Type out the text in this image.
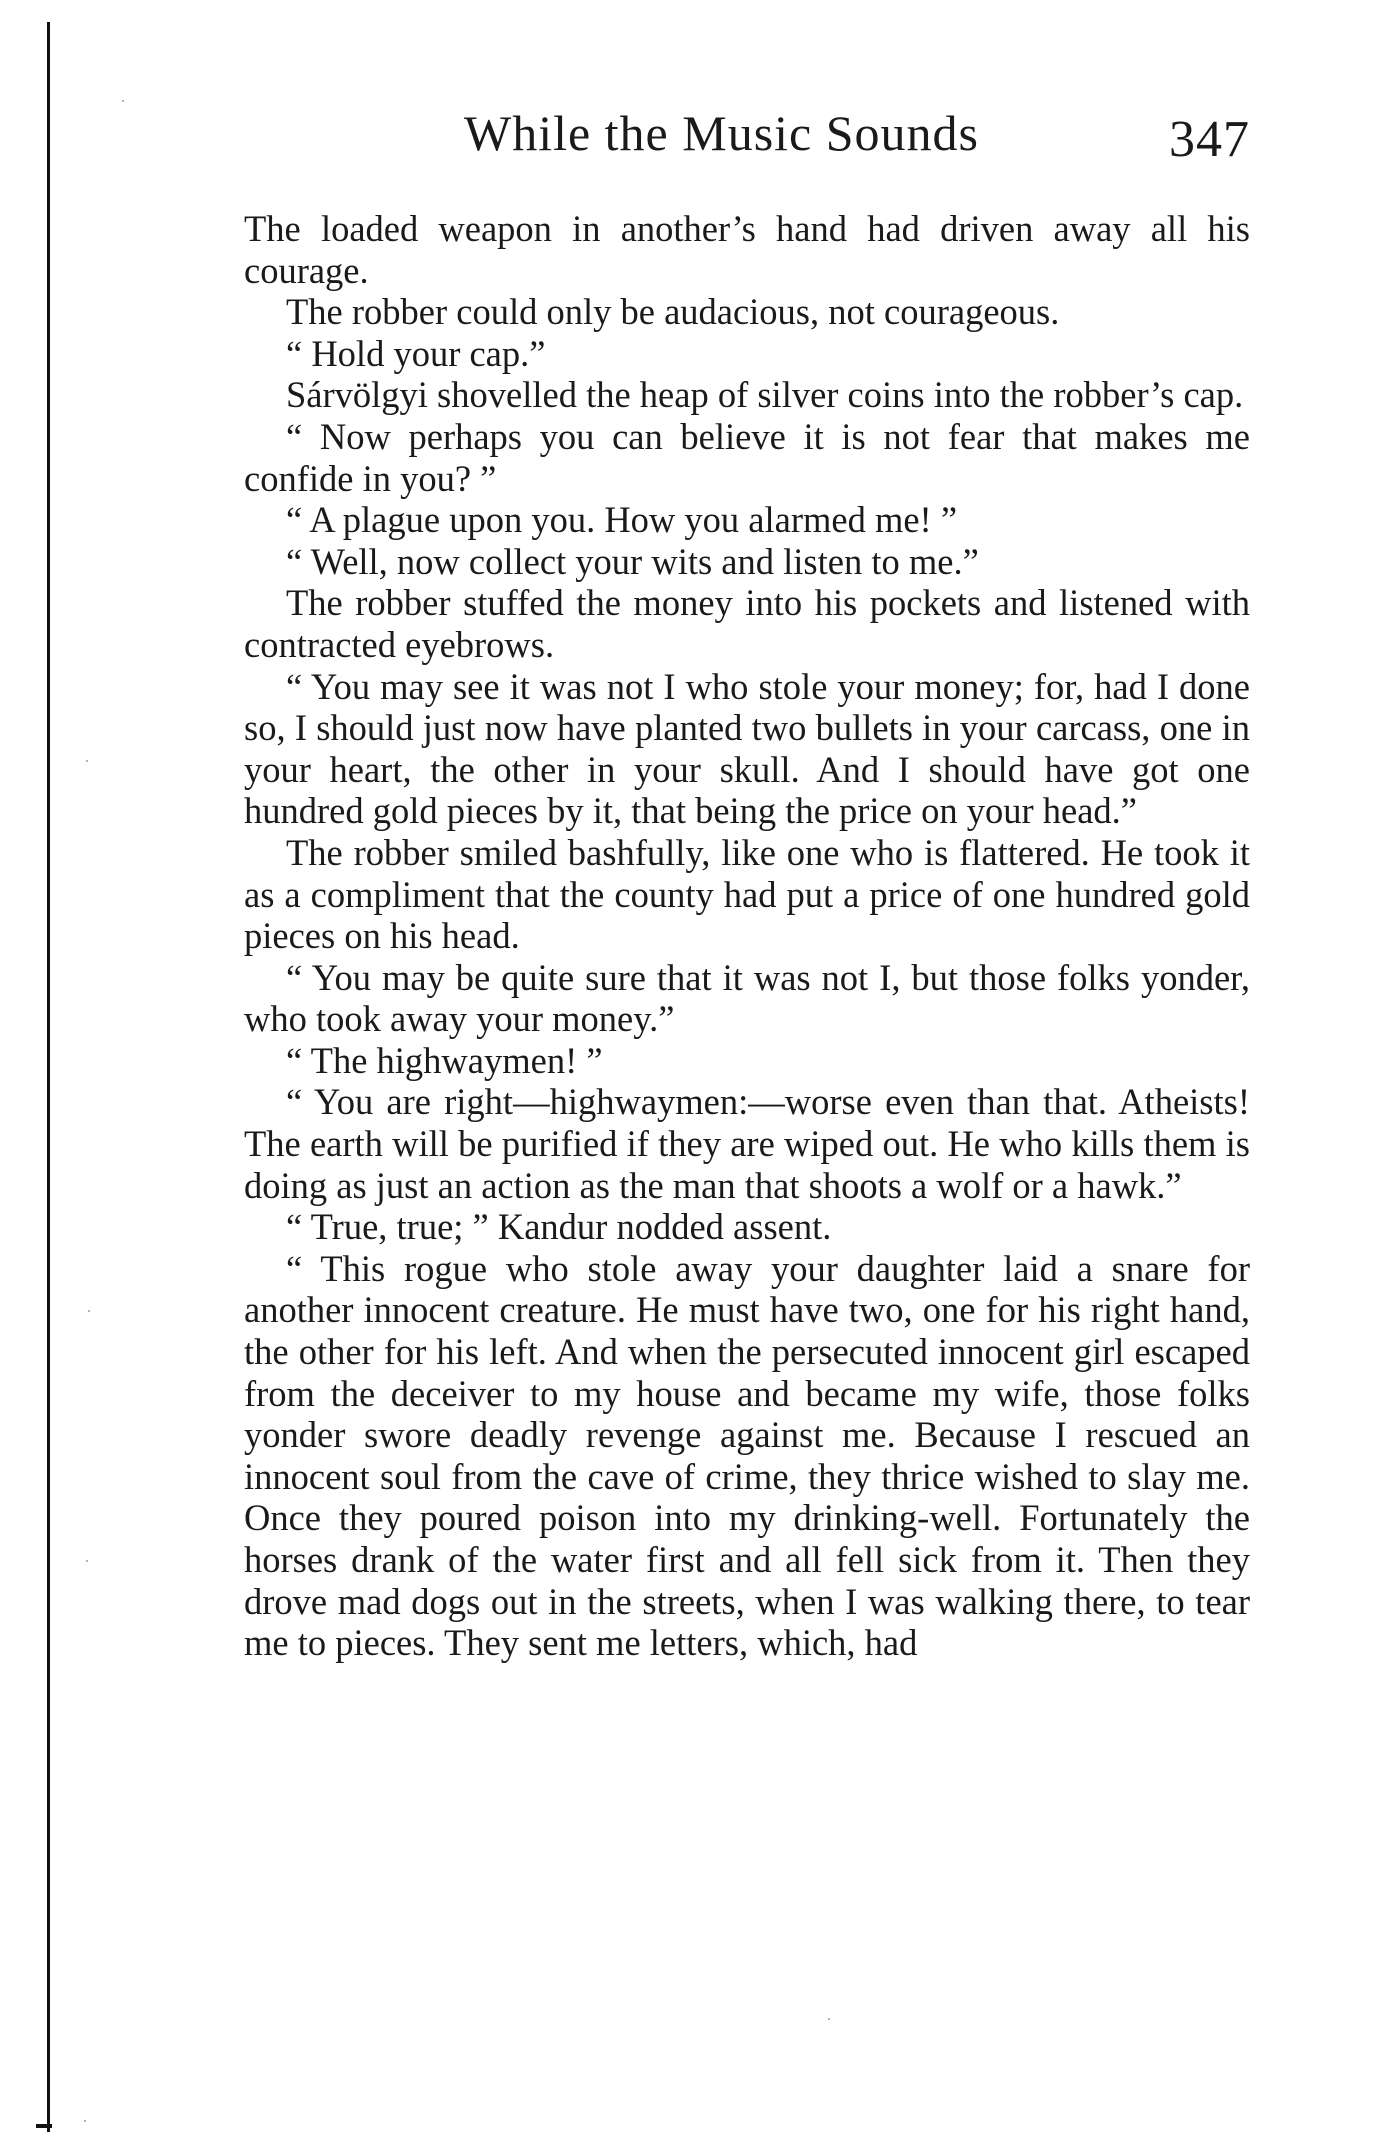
While the Music Sounds	347

The loaded weapon in another’s hand had driven away all his courage.

The robber could only be audacious, not courageous.

“ Hold your cap.”

Sárvölgyi shovelled the heap of silver coins into the robber’s cap.

“ Now perhaps you can believe it is not fear that makes me confide in you? ”

“ A plague upon you. How you alarmed me! ”

“ Well, now collect your wits and listen to me.”

The robber stuffed the money into his pockets and listened with contracted eyebrows.

“ You may see it was not I who stole your money; for, had I done so, I should just now have planted two bullets in your carcass, one in your heart, the other in your skull. And I should have got one hundred gold pieces by it, that being the price on your head.”

The robber smiled bashfully, like one who is flattered. He took it as a compliment that the county had put a price of one hundred gold pieces on his head.

“ You may be quite sure that it was not I, but those folks yonder, who took away your money.”

“ The highwaymen! ”

“ You are right—highwaymen:—worse even than that. Atheists! The earth will be purified if they are wiped out. He who kills them is doing as just an action as the man that shoots a wolf or a hawk.”

“ True, true; ” Kandur nodded assent.

“ This rogue who stole away your daughter laid a snare for another innocent creature. He must have two, one for his right hand, the other for his left. And when the persecuted innocent girl escaped from the deceiver to my house and became my wife, those folks yonder swore deadly revenge against me. Because I rescued an innocent soul from the cave of crime, they thrice wished to slay me. Once they poured poison into my drinking-well. Fortunately the horses drank of the water first and all fell sick from it. Then they drove mad dogs out in the streets, when I was walking there, to tear me to pieces. They sent me letters, which, had
